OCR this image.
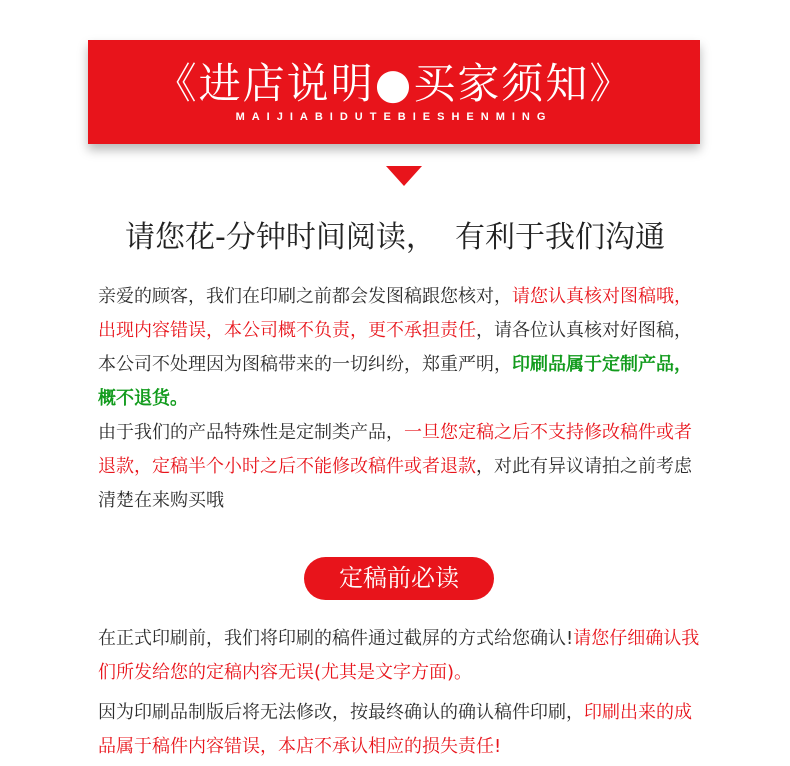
《进店说明●买家须知》
MAIJIABIDUTEBIESHENMING
请您花-分钟时间阅读，  有利于我们沟通
亲爱的顾客，我们在印刷之前都会发图稿跟您核对，请您认真核对图稿哦，出现内容错误，本公司概不负责，更不承担责任，请各位认真核对好图稿，本公司不处理因为图稿带来的一切纠纷，郑重严明，印刷品属于定制产品，概不退货。
由于我们的产品特殊性是定制类产品，一旦您定稿之后不支持修改稿件或者退款，定稿半个小时之后不能修改稿件或者退款，对此有异议请拍之前考虑清楚在来购买哦
定稿前必读
在正式印刷前，我们将印刷的稿件通过截屏的方式给您确认!请您仔细确认我们所发给您的定稿内容无误(尤其是文字方面)。
因为印刷品制版后将无法修改，按最终确认的确认稿件印刷，印刷出来的成品属于稿件内容错误，本店不承认相应的损失责任!
